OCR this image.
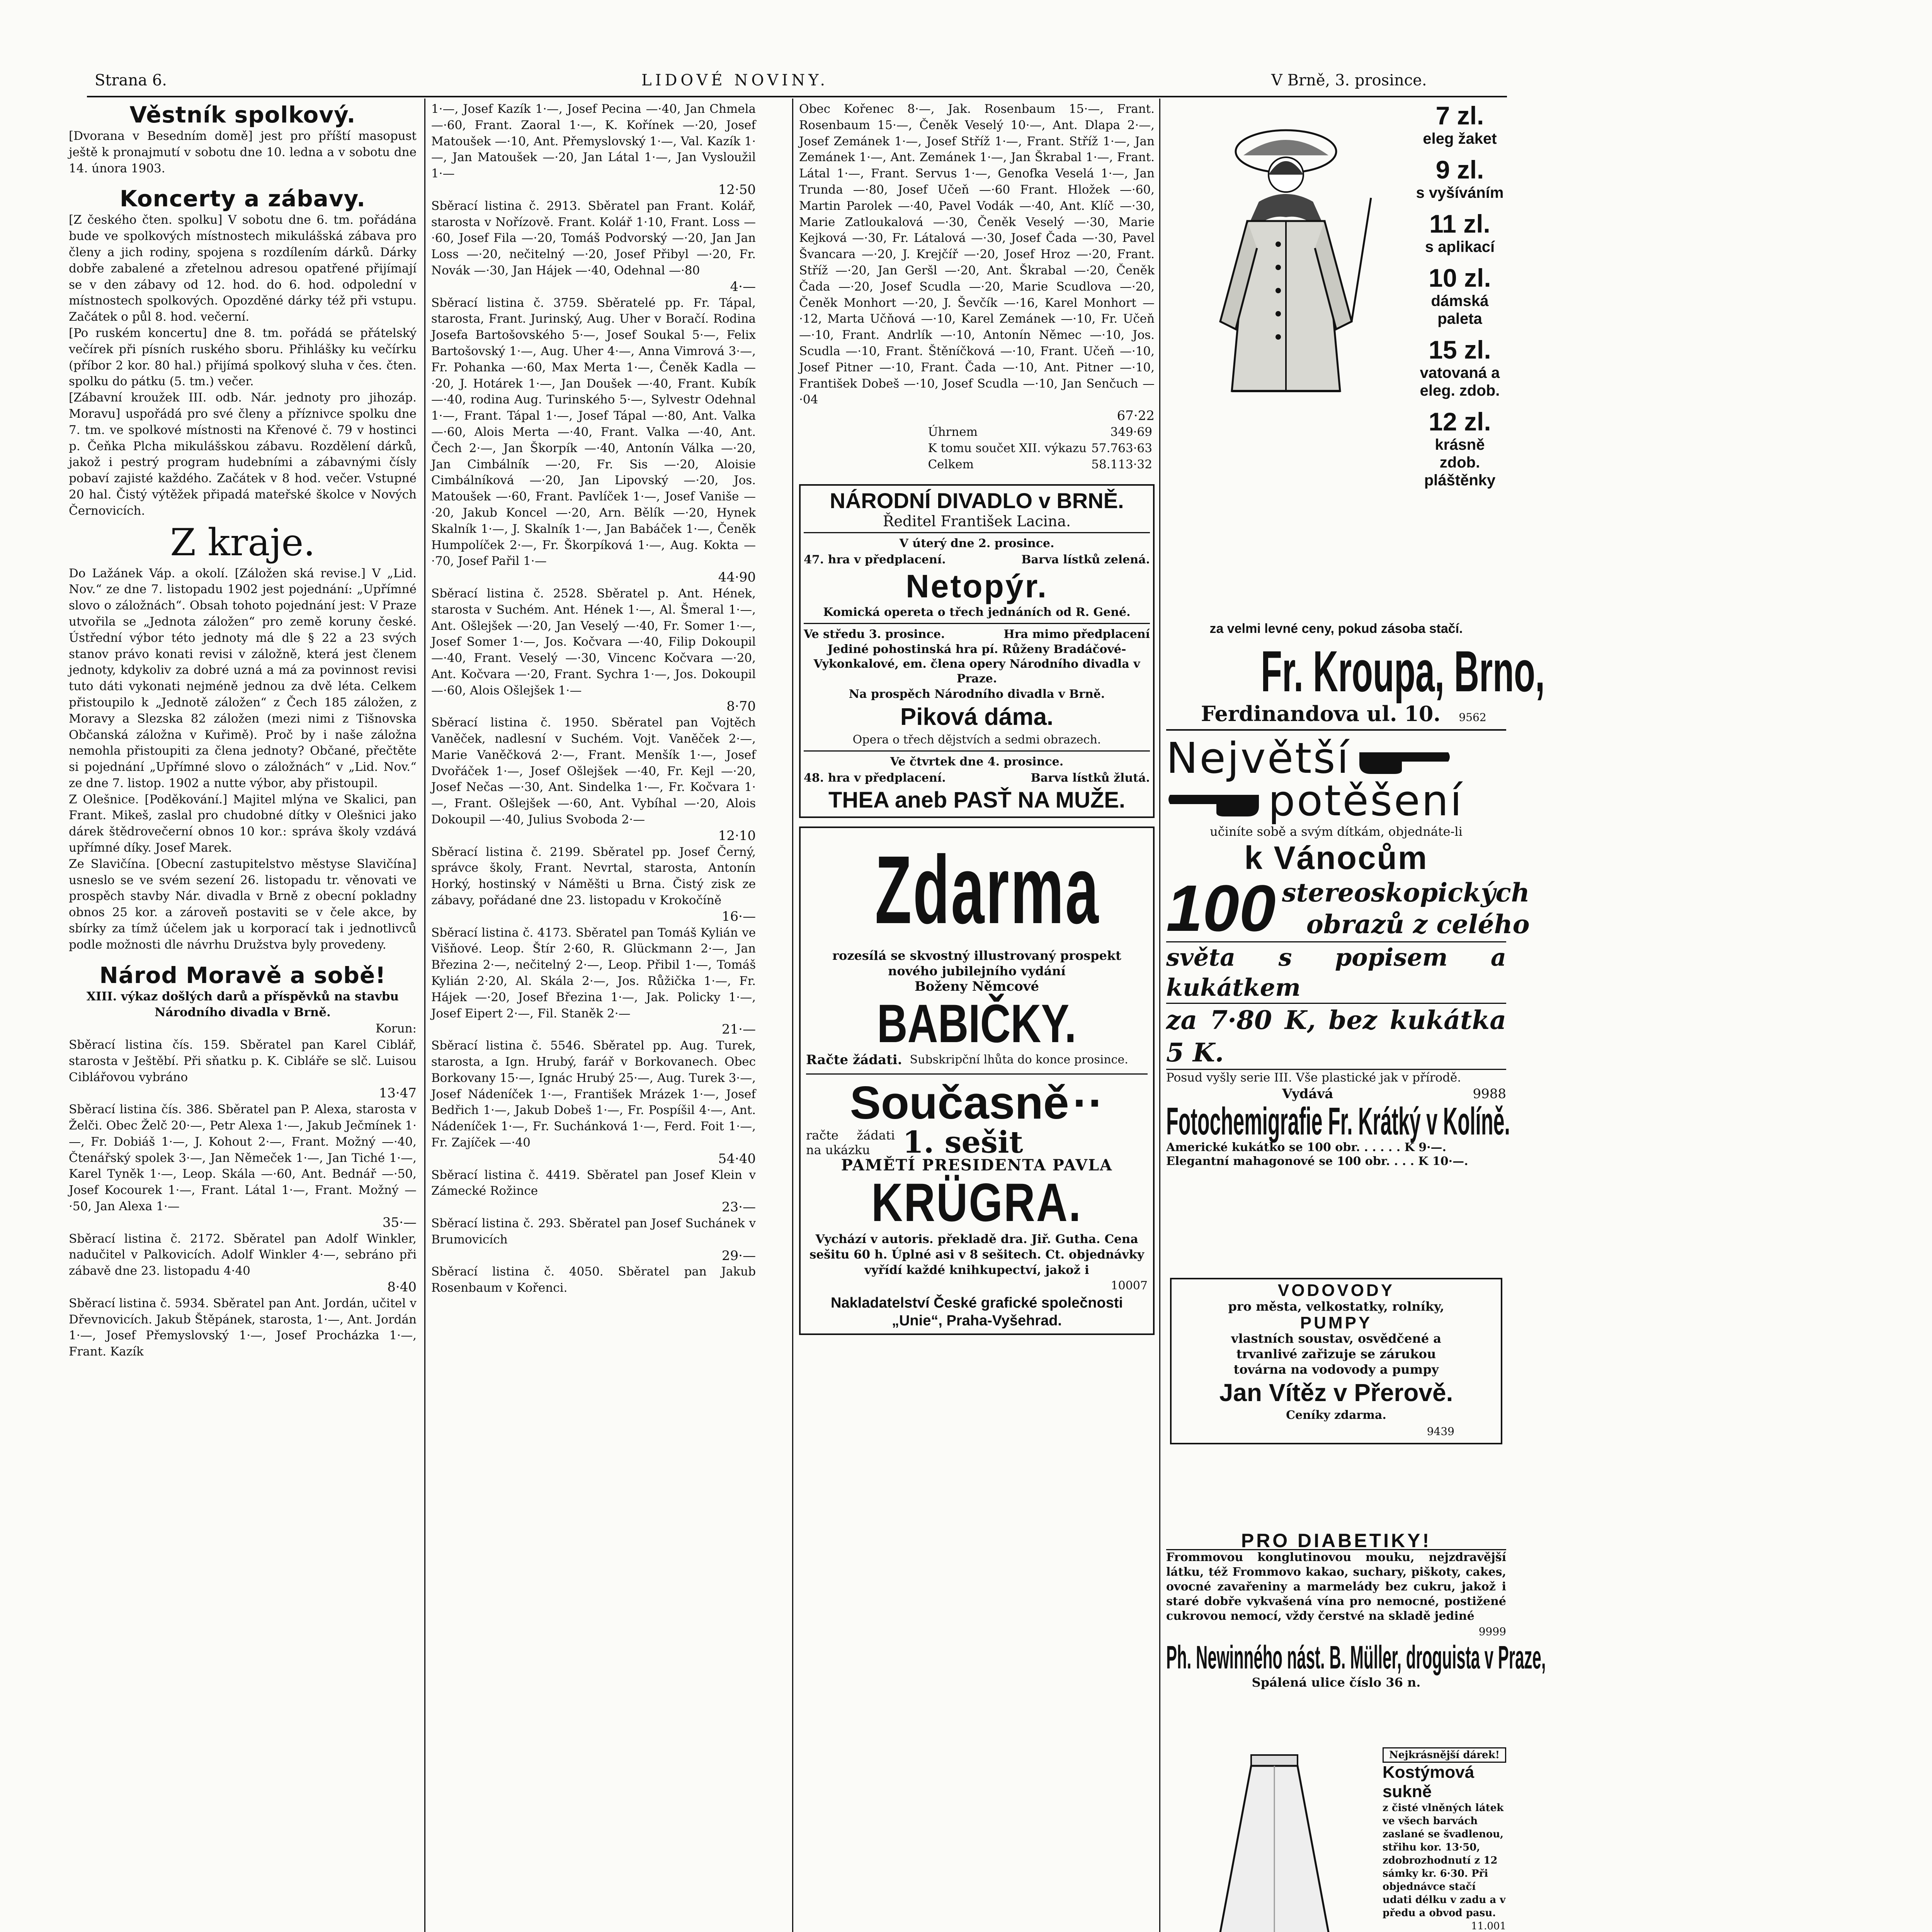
Strana 6.	LIDOVÉ NOVINY.	V Brně, 3. prosince.
Věstník spolkový.

[Dvorana v Besedním domě] jest pro příští masopust ještě k pronajmutí v sobotu dne 10. ledna a v sobotu dne 14. února 1903.

Koncerty a zábavy.

[Z českého čten. spolku] V sobotu dne 6. tm. pořádána bude ve spolkových místnostech mikulášská zábava pro členy a jich rodiny, spojena s rozdílením dárků. Dárky dobře zabalené a zřetelnou adresou opatřené přijímají se v den zábavy od 12. hod. do 6. hod. odpolední v místnostech spolkových. Opozděné dárky též při vstupu. Začátek o půl 8. hod. večerní.

[Po ruském koncertu] dne 8. tm. pořádá se přátelský večírek při písních ruského sboru. Přihlášky ku večírku (příbor 2 kor. 80 hal.) přijímá spolkový sluha v čes. čten. spolku do pátku (5. tm.) večer.

[Zábavní kroužek III. odb. Nár. jednoty pro jihozáp. Moravu] uspořádá pro své členy a příznivce spolku dne 7. tm. ve spolkové místnosti na Křenové č. 79 v hostinci p. Čeňka Plcha mikulášskou zábavu. Rozdělení dárků, jakož i pestrý program hudebními a zábavnými čísly pobaví zajisté každého. Začátek v 8 hod. večer. Vstupné 20 hal. Čistý výtěžek připadá mateřské školce v Nových Černovicích.

Z kraje.

Do Lažánek Váp. a okolí. [Záložen ská revise.] V „Lid. Nov.“ ze dne 7. listopadu 1902 jest pojednání: „Upřímné slovo o záložnách“. Obsah tohoto pojednání jest: V Praze utvořila se „Jednota záložen“ pro země koruny české. Ústřední výbor této jednoty má dle § 22 a 23 svých stanov právo konati revisi v záložně, která jest členem jednoty, kdykoliv za dobré uzná a má za povinnost revisi tuto dáti vykonati nejméně jednou za dvě léta. Celkem přistoupilo k „Jednotě záložen“ z Čech 185 záložen, z Moravy a Slezska 82 záložen (mezi nimi z Tišnovska Občanská záložna v Kuřimě). Proč by i naše záložna nemohla přistoupiti za člena jednoty? Občané, přečtěte si pojednání „Upřímné slovo o záložnách“ v „Lid. Nov.“ ze dne 7. listop. 1902 a nutte výbor, aby přistoupil.

Z Olešnice. [Poděkování.] Majitel mlýna ve Skalici, pan Frant. Mikeš, zaslal pro chudobné dítky v Olešnici jako dárek štědrovečerní obnos 10 kor.: správa školy vzdává upřímné díky. Josef Marek.

Ze Slavičína. [Obecní zastupitelstvo městyse Slavičína] usneslo se ve svém sezení 26. listopadu tr. věnovati ve prospěch stavby Nár. divadla v Brně z obecní pokladny obnos 25 kor. a zároveň postaviti se v čele akce, by sbírky za tímž účelem jak u korporací tak i jednotlivců podle možnosti dle návrhu Družstva byly provedeny.

Národ Moravě a sobě!

XIII. výkaz došlých darů a příspěvků na stavbu Národního divadla v Brně.

Korun:

Sběrací listina čís. 159. Sběratel pan Karel Ciblář, starosta v Ještěbí. Při sňatku p. K. Cibláře se slč. Luisou Ciblářovou vybráno

13·47

Sběrací listina čís. 386. Sběratel pan P. Alexa, starosta v Želči. Obec Želč 20·—, Petr Alexa 1·—, Jakub Ječmínek 1·—, Fr. Dobiáš 1·—, J. Kohout 2·—, Frant. Možný —·40, Čtenářský spolek 3·—, Jan Němeček 1·—, Jan Tiché 1·—, Karel Tyněk 1·—, Leop. Skála —·60, Ant. Bednář —·50, Josef Kocourek 1·—, Frant. Látal 1·—, Frant. Možný —·50, Jan Alexa 1·—

35·—

Sběrací listina č. 2172. Sběratel pan Adolf Winkler, nadučitel v Palkovicích. Adolf Winkler 4·—, sebráno při zábavě dne 23. listopadu 4·40

8·40

Sběrací listina č. 5934. Sběratel pan Ant. Jordán, učitel v Dřevnovicích. Jakub Štěpánek, starosta, 1·—, Ant. Jordán 1·—, Josef Přemyslovský 1·—, Josef Procházka 1·—, Frant. Kazík

1·—, Josef Kazík 1·—, Josef Pecina —·40, Jan Chmela —·60, Frant. Zaoral 1·—, K. Kořínek —·20, Josef Matoušek —·10, Ant. Přemyslovský 1·—, Val. Kazík 1·—, Jan Matoušek —·20, Jan Látal 1·—, Jan Vysloužil 1·—

12·50

Sběrací listina č. 2913. Sběratel pan Frant. Kolář, starosta v Nořízově. Frant. Kolář 1·10, Frant. Loss —·60, Josef Fila —·20, Tomáš Podvorský —·20, Jan Jan Loss —·20, nečitelný —·20, Josef Přibyl —·20, Fr. Novák —·30, Jan Hájek —·40, Odehnal —·80

4·—

Sběrací listina č. 3759. Sběratelé pp. Fr. Tápal, starosta, Frant. Jurinský, Aug. Uher v Boračí. Rodina Josefa Bartošovského 5·—, Josef Soukal 5·—, Felix Bartošovský 1·—, Aug. Uher 4·—, Anna Vimrová 3·—, Fr. Pohanka —·60, Max Merta 1·—, Čeněk Kadla —·20, J. Hotárek 1·—, Jan Doušek —·40, Frant. Kubík —·40, rodina Aug. Turinského 5·—, Sylvestr Odehnal 1·—, Frant. Tápal 1·—, Josef Tápal —·80, Ant. Valka —·60, Alois Merta —·40, Frant. Valka —·40, Ant. Čech 2·—, Jan Škorpík —·40, Antonín Válka —·20, Jan Cimbálník —·20, Fr. Sis —·20, Aloisie Cimbálníková —·20, Jan Lipovský —·20, Jos. Matoušek —·60, Frant. Pavlíček 1·—, Josef Vaniše —·20, Jakub Koncel —·20, Arn. Bělík —·20, Hynek Skalník 1·—, J. Skalník 1·—, Jan Babáček 1·—, Čeněk Humpolíček 2·—, Fr. Škorpíková 1·—, Aug. Kokta —·70, Josef Pařil 1·—

44·90

Sběrací listina č. 2528. Sběratel p. Ant. Hének, starosta v Suchém. Ant. Hének 1·—, Al. Šmeral 1·—, Ant. Ošlejšek —·20, Jan Veselý —·40, Fr. Somer 1·—, Josef Somer 1·—, Jos. Kočvara —·40, Filip Dokoupil —·40, Frant. Veselý —·30, Vincenc Kočvara —·20, Ant. Kočvara —·20, Frant. Sychra 1·—, Jos. Dokoupil —·60, Alois Ošlejšek 1·—

8·70

Sběrací listina č. 1950. Sběratel pan Vojtěch Vaněček, nadlesní v Suchém. Vojt. Vaněček 2·—, Marie Vaněčková 2·—, Frant. Menšík 1·—, Josef Dvořáček 1·—, Josef Ošlejšek —·40, Fr. Kejl —·20, Josef Nečas —·30, Ant. Sindelka 1·—, Fr. Kočvara 1·—, Frant. Ošlejšek —·60, Ant. Vybíhal —·20, Alois Dokoupil —·40, Julius Svoboda 2·—

12·10

Sběrací listina č. 2199. Sběratel pp. Josef Černý, správce školy, Frant. Nevrtal, starosta, Antonín Horký, hostinský v Náměšti u Brna. Čistý zisk ze zábavy, pořádané dne 23. listopadu v Krokočíně

16·—

Sběrací listina č. 4173. Sběratel pan Tomáš Kylián ve Višňové. Leop. Štír 2·60, R. Glückmann 2·—, Jan Březina 2·—, nečitelný 2·—, Leop. Přibil 1·—, Tomáš Kylián 2·20, Al. Skála 2·—, Jos. Růžička 1·—, Fr. Hájek —·20, Josef Březina 1·—, Jak. Policky 1·—, Josef Eipert 2·—, Fil. Staněk 2·—

21·—

Sběrací listina č. 5546. Sběratel pp. Aug. Turek, starosta, a Ign. Hrubý, farář v Borkovanech. Obec Borkovany 15·—, Ignác Hrubý 25·—, Aug. Turek 3·—, Josef Nádeníček 1·—, František Mrázek 1·—, Josef Bedřich 1·—, Jakub Dobeš 1·—, Fr. Pospíšil 4·—, Ant. Nádeníček 1·—, Fr. Suchánková 1·—, Ferd. Foit 1·—, Fr. Zajíček —·40

54·40

Sběrací listina č. 4419. Sběratel pan Josef Klein v Zámecké Rožince

23·—

Sběrací listina č. 293. Sběratel pan Josef Suchánek v Brumovicích

29·—

Sběrací listina č. 4050. Sběratel pan Jakub Rosenbaum v Kořenci.

Obec Kořenec 8·—, Jak. Rosenbaum 15·—, Frant. Rosenbaum 15·—, Čeněk Veselý 10·—, Ant. Dlapa 2·—, Josef Zemánek 1·—, Josef Stříž 1·—, Frant. Stříž 1·—, Jan Zemánek 1·—, Ant. Zemánek 1·—, Jan Škrabal 1·—, Frant. Látal 1·—, Frant. Servus 1·—, Genofka Veselá 1·—, Jan Trunda —·80, Josef Učeň —·60 Frant. Hložek —·60, Martin Parolek —·40, Pavel Vodák —·40, Ant. Klíč —·30, Marie Zatloukalová —·30, Čeněk Veselý —·30, Marie Kejková —·30, Fr. Látalová —·30, Josef Čada —·30, Pavel Švancara —·20, J. Krejčíř —·20, Josef Hroz —·20, Frant. Stříž —·20, Jan Geršl —·20, Ant. Škrabal —·20, Čeněk Čada —·20, Josef Scudla —·20, Marie Scudlova —·20, Čeněk Monhort —·20, J. Ševčík —·16, Karel Monhort —·12, Marta Učňová —·10, Karel Zemánek —·10, Fr. Učeň —·10, Frant. Andrlík —·10, Antonín Němec —·10, Jos. Scudla —·10, Frant. Štěníčková —·10, Frant. Učeň —·10, Josef Pitner —·10, Frant. Čada —·10, Ant. Pitner —·10, František Dobeš —·10, Josef Scudla —·10, Jan Senčuch —·04

67·22

Úhrnem	349·69
K tomu součet XII. výkazu	57.763·63
Celkem	58.113·32
NÁRODNÍ DIVADLO v BRNĚ.
Ředitel František Lacina.
V úterý dne 2. prosince.
47. hra v předplacení.	Barva lístků zelená.
Netopýr.
Komická opereta o třech jednáních od R. Gené.
Ve středu 3. prosince.	Hra mimo předplacení
Jediné pohostinská hra pí. Růženy Bradáčové-Vykonkalové, em. člena opery Národního divadla v Praze.
Na prospěch Národního divadla v Brně.
Piková dáma.
Opera o třech dějstvích a sedmi obrazech.
Ve čtvrtek dne 4. prosince.
48. hra v předplacení.	Barva lístků žlutá.
THEA aneb PASŤ NA MUŽE.
Zdarma
rozesílá se skvostný illustrovaný prospekt nového jubilejního vydání
Boženy Němcové
BABIČKY.
Račte žádati. Subskripční lhůta do konce prosince.
Současně ··
račte žádati na ukázku	1. sešit
PAMĚTÍ PRESIDENTA PAVLA
KRÜGRA.
Vychází v autoris. překladě dra. Jiř. Gutha. Cena sešitu 60 h. Úplné asi v 8 sešitech. Ct. objednávky vyřídí každé knihkupectví, jakož i
10007
Nakladatelství České grafické společnosti „Unie“, Praha-Vyšehrad.
7 zl.
eleg žaket
9 zl.
s vyšíváním
11 zl.
s aplikací
10 zl.
dámská paleta
15 zl.
vatovaná a eleg. zdob.
12 zl.
krásně zdob. pláštěnky
za velmi levné ceny, pokud zásoba stačí.
Fr. Kroupa, Brno,
Ferdinandova ul. 10. 9562
Největší
potěšení
učiníte sobě a svým dítkám, objednáte-li
k Vánocům
100 stereoskopických
obrazů z celého
světa s popisem a kukátkem
za 7·80 K, bez kukátka 5 K.
Posud vyšly serie III. Vše plastické jak v přírodě.
Vydává	9988
Fotochemigrafie Fr. Krátký v Kolíně.
Americké kukátko se 100 obr. . . . . . K 9·—.
Elegantní mahagonové se 100 obr. . . . K 10·—.
VODOVODY
pro města, velkostatky, rolníky,
PUMPY
vlastních soustav, osvědčené a trvanlivé zařizuje se zárukou
továrna na vodovody a pumpy
Jan Vítěz v Přerově.
Ceníky zdarma.
9439
PRO DIABETIKY!
Frommovou konglutinovou mouku, nejzdravější látku, též Frommovo kakao, suchary, piškoty, cakes, ovocné zavařeniny a marmelády bez cukru, jakož i staré dobře vykvašená vína pro nemocné, postižené cukrovou nemocí, vždy čerstvé na skladě jediné
9999
Ph. Newinného nást. B. Müller, droguista v Praze,
Spálená ulice číslo 36 n.
Nejkrásnější dárek!
Kostýmová sukně
z čisté vlněných látek ve všech barvách zaslané se švadlenou, střihu kor. 13·50, zdobrozhodnutí z 12 sámky kr. 6·30. Při objednávce stačí udati délku v zadu a v předu a obvod pasu.
11.001
